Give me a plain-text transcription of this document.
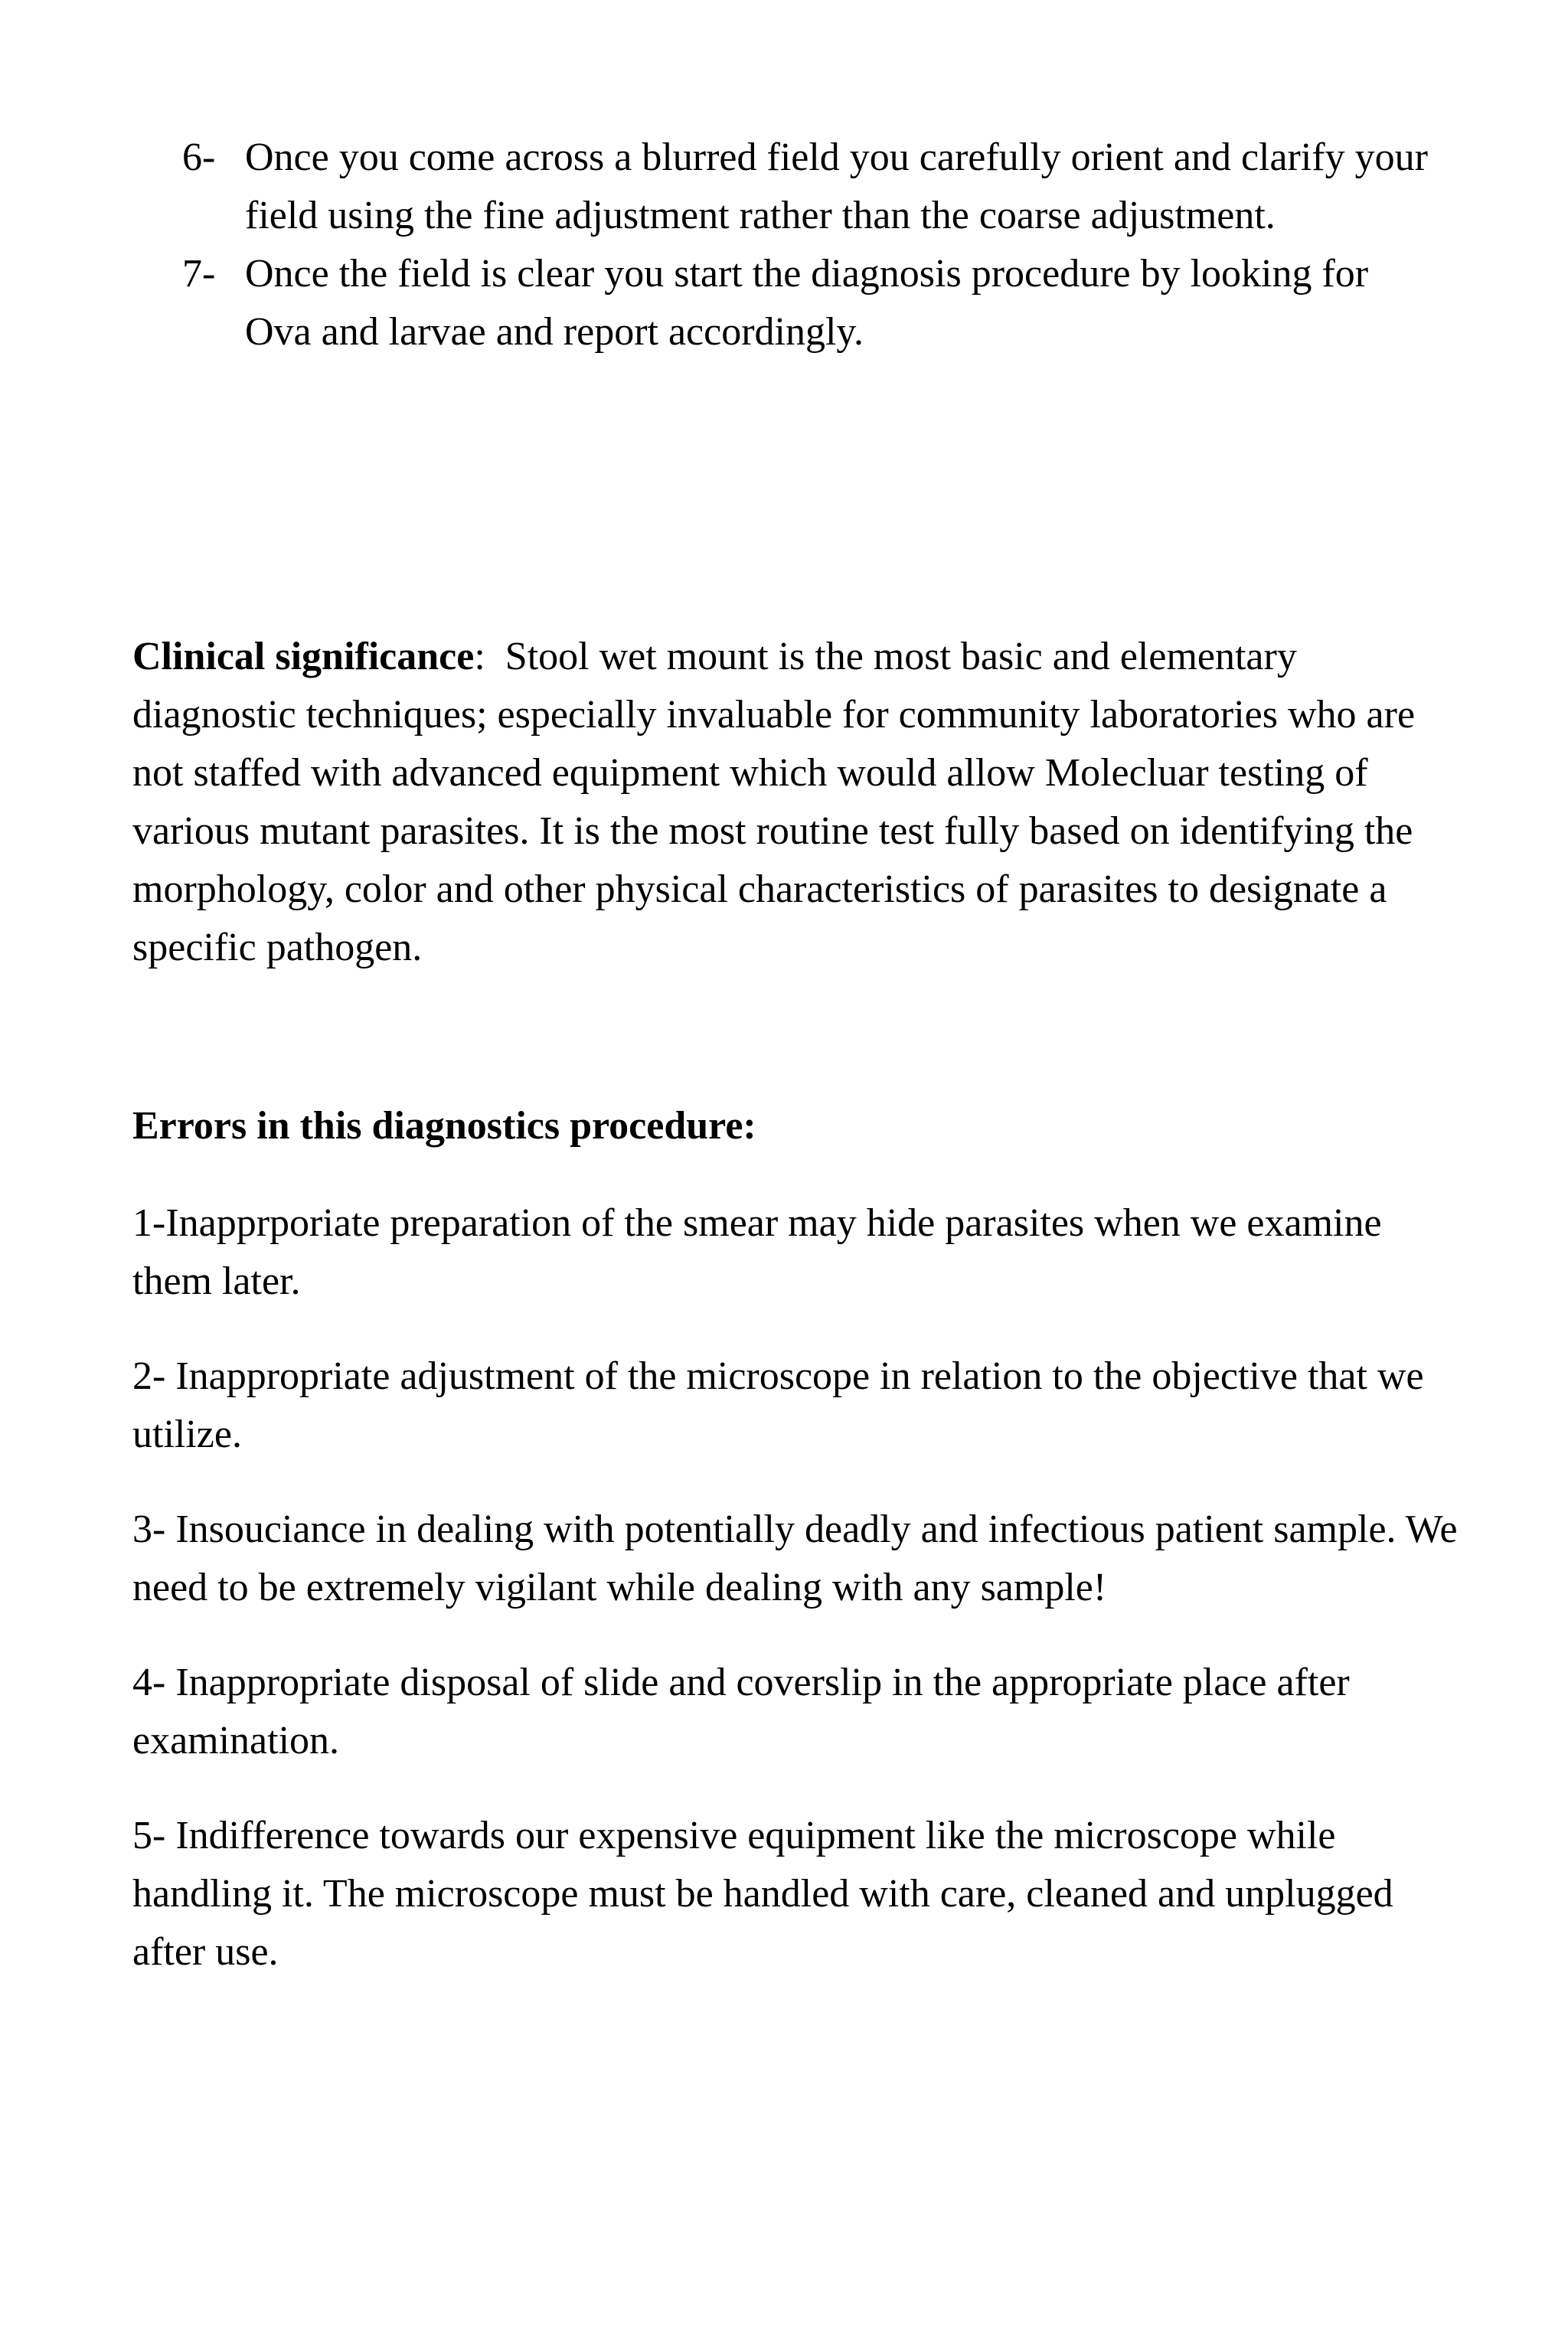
6- Once you come across a blurred field you carefully orient and clarify your field using the fine adjustment rather than the coarse adjustment.
7- Once the field is clear you start the diagnosis procedure by looking for Ova and larvae and report accordingly.

Clinical significance: Stool wet mount is the most basic and elementary diagnostic techniques; especially invaluable for community laboratories who are not staffed with advanced equipment which would allow Molecluar testing of various mutant parasites. It is the most routine test fully based on identifying the morphology, color and other physical characteristics of parasites to designate a specific pathogen.

Errors in this diagnostics procedure:

1-Inapprporiate preparation of the smear may hide parasites when we examine them later.

2- Inappropriate adjustment of the microscope in relation to the objective that we utilize.

3- Insouciance in dealing with potentially deadly and infectious patient sample. We need to be extremely vigilant while dealing with any sample!

4- Inappropriate disposal of slide and coverslip in the appropriate place after examination.

5- Indifference towards our expensive equipment like the microscope while handling it. The microscope must be handled with care, cleaned and unplugged after use.
